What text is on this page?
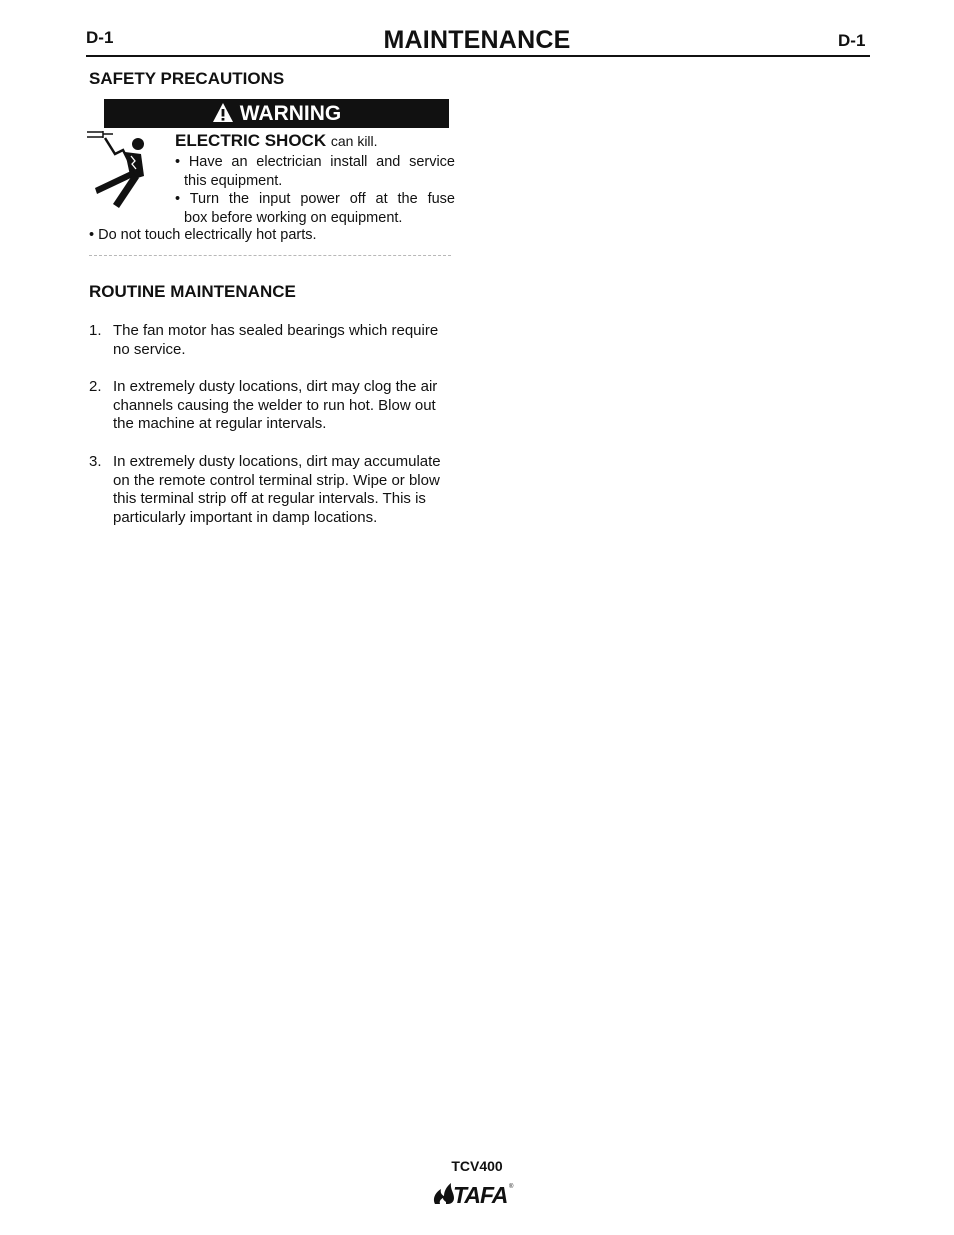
D-1	MAINTENANCE	D-1
SAFETY PRECAUTIONS
WARNING
ELECTRIC SHOCK can kill.
• Have an electrician install and service
this equipment.
• Turn the input power off at the fuse
box before working on equipment.
• Do not touch electrically hot parts.
ROUTINE MAINTENANCE
1. The fan motor has sealed bearings which require
no service.
2. In extremely dusty locations, dirt may clog the air
channels causing the welder to run hot. Blow out
the machine at regular intervals.
3. In extremely dusty locations, dirt may accumulate
on the remote control terminal strip. Wipe or blow
this terminal strip off at regular intervals. This is
particularly important in damp locations.
TCV400
TAFA ®
